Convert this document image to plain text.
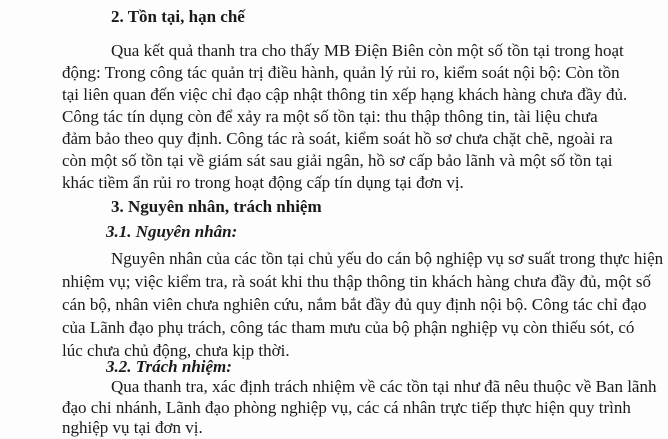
2. Tồn tại, hạn chế
Qua kết quả thanh tra cho thấy MB Điện Biên còn một số tồn tại trong hoạt
động: Trong công tác quản trị điều hành, quản lý rủi ro, kiểm soát nội bộ: Còn tồn
tại liên quan đến việc chỉ đạo cập nhật thông tin xếp hạng khách hàng chưa đầy đủ.
Công tác tín dụng còn để xảy ra một số tồn tại: thu thập thông tin, tài liệu chưa
đảm bảo theo quy định. Công tác rà soát, kiểm soát hồ sơ chưa chặt chẽ, ngoài ra
còn một số tồn tại về giám sát sau giải ngân, hồ sơ cấp bảo lãnh và một số tồn tại
khác tiềm ẩn rủi ro trong hoạt động cấp tín dụng tại đơn vị.
3. Nguyên nhân, trách nhiệm
3.1. Nguyên nhân:
Nguyên nhân của các tồn tại chủ yếu do cán bộ nghiệp vụ sơ suất trong thực hiện
nhiệm vụ; việc kiểm tra, rà soát khi thu thập thông tin khách hàng chưa đầy đủ, một số
cán bộ, nhân viên chưa nghiên cứu, nắm bắt đầy đủ quy định nội bộ. Công tác chỉ đạo
của Lãnh đạo phụ trách, công tác tham mưu của bộ phận nghiệp vụ còn thiếu sót, có
lúc chưa chủ động, chưa kịp thời.
3.2. Trách nhiệm:
Qua thanh tra, xác định trách nhiệm về các tồn tại như đã nêu thuộc về Ban lãnh
đạo chi nhánh, Lãnh đạo phòng nghiệp vụ, các cá nhân trực tiếp thực hiện quy trình
nghiệp vụ tại đơn vị.
